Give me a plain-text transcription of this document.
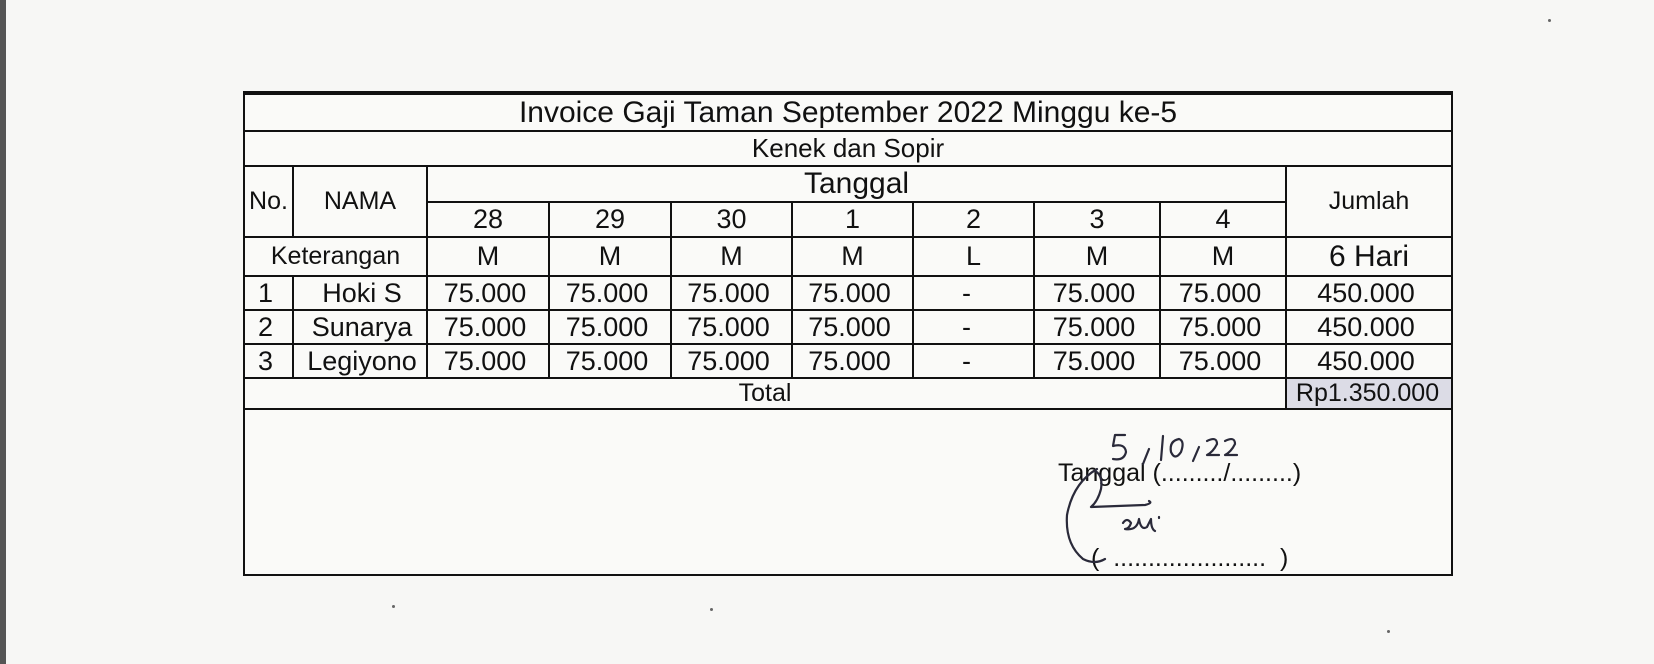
Invoice Gaji Taman September 2022 Minggu ke-5									
Kenek dan Sopir									
No.	NAMA	Tanggal							Jumlah
		28	29	30	1	2	3	4	
Keterangan		M	M	M	M	L	M	M	6 Hari
1	Hoki S	75.000	75.000	75.000	75.000	-	75.000	75.000	450.000
2	Sunarya	75.000	75.000	75.000	75.000	-	75.000	75.000	450.000
3	Legiyono	75.000	75.000	75.000	75.000	-	75.000	75.000	450.000
Total									Rp1.350.000
Tanggal (........./.........)
( ...................... )
